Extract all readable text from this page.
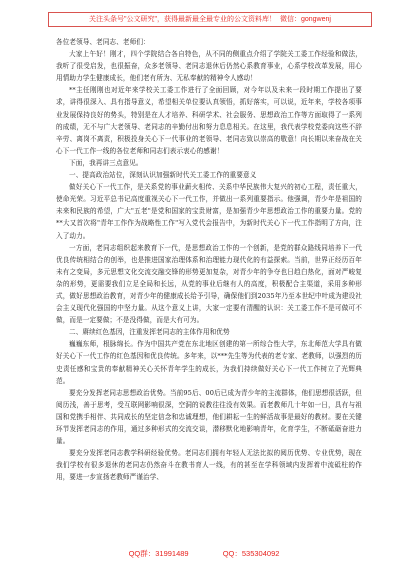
关注头条号"公文研究"，获得最新最全最专业的公文资料库！ 微信：gongwenj

各位老领导、老同志、老师们：

大家上午好！刚才，四个学院结合各自特色，从不同的侧重点介绍了学院关工委工作经验和做法，我听了很受启发，也很振奋，众多老领导、老同志退休后仍然心系教育事业，心系学校改革发展，用心用情助力学生健康成长，他们老有所为、无私奉献的精神令人感动！

**主任刚刚也对近年来学校关工委工作进行了全面回顾，对今年以及未来一段时期工作提出了要求，讲得很深入、具有指导意义，希望相关单位要认真领悟，抓好落实，可以说，近年来，学校各项事业发展保持良好的势头，特别是在人才培养、科研学术、社会服务、思想政治工作等方面取得了一系列的成绩，无不与广大老领导、老同志的辛勤付出和努力息息相关。在这里，我代表学校党委向这些不辞辛劳、离岗不离责，积极投身关心下一代事业的老领导、老同志致以崇高的敬意！向长期以来奋战在关心下一代工作一线的各位老师和同志们表示衷心的感谢！

下面，我再讲三点意见。

一、提高政治站位，深刻认识加强新时代关工委工作的重要意义

做好关心下一代工作，是关系党的事业薪火相传、关系中华民族伟大复兴的初心工程，责任重大，使命光荣。习近平总书记高度重视关心下一代工作，并做出一系列重要指示。他强调，青少年是祖国的未来和民族的希望，广大"五老"是党和国家的宝贵财富，是加强青少年思想政治工作的重要力量。党的**大又首次将"青年工作作为战略性工作"写入党代会报告中，为新时代关心下一代工作指明了方向，注入了动力。

一方面，老同志组织起来教育下一代，是思想政治工作的一个创新，是党的群众路线同培养下一代优良传统相结合的创举，也是推进国家治理体系和治理能力现代化的有益探索。当前，世界正经历百年未有之变局，多元思想文化交流交融交锋的形势更加复杂，对青少年的争夺也日趋白热化，面对严峻复杂的形势，更需要我们立足全局和长远，从党的事业后继有人的高度，积极配合主渠道，采用多种形式，做好思想政治教育，对青少年的健康成长给予引导，确保他们到2035年乃至本世纪中叶成为建设社会主义现代化强国的中坚力量。从这个意义上讲，大家一定要有清醒的认识：关工委工作不是可做可不做，而是一定要做；不是没得做，而是大有可为。

二、赓续红色基因，注重发挥老同志的主体作用和优势

巍巍东师，根脉绵长。作为中国共产党在东北地区创建的第一所综合性大学，东北师范大学具有做好关心下一代工作的红色基因和优良传统。多年来，以***先生等为代表的老专家、老教师，以强烈的历史责任感和宝贵的奉献精神关心关怀青年学生的成长，为我们持续做好关心下一代工作树立了光辉典范。

要充分发挥老同志思想政治优势。当前95后、00后已成为青少年的主流群体，他们思想很活跃，但阅历浅，善于思考，受互联网影响很深，空洞的说教往往没有效果。而老教师几十年如一日，具有与祖国和党携手相伴、共同成长的坚定信念和忠诚理想，他们耕耘一生的鲜活故事是最好的教材。要在关键环节发挥老同志的作用，通过多种形式的交流交谈，潜移默化地影响青年，化育学生，不断砥砺奋进力量。

要充分发挥老同志教学科研经验优势。老同志们拥有年轻人无法比拟的阅历优势、专业优势，现在我们学校有很多退休的老同志仍然奋斗在教书育人一线，有的甚至在学科领域内发挥着中流砥柱的作用，要进一步宣扬老教师严谨治学、

QQ群：31991489	QQ：535304092
